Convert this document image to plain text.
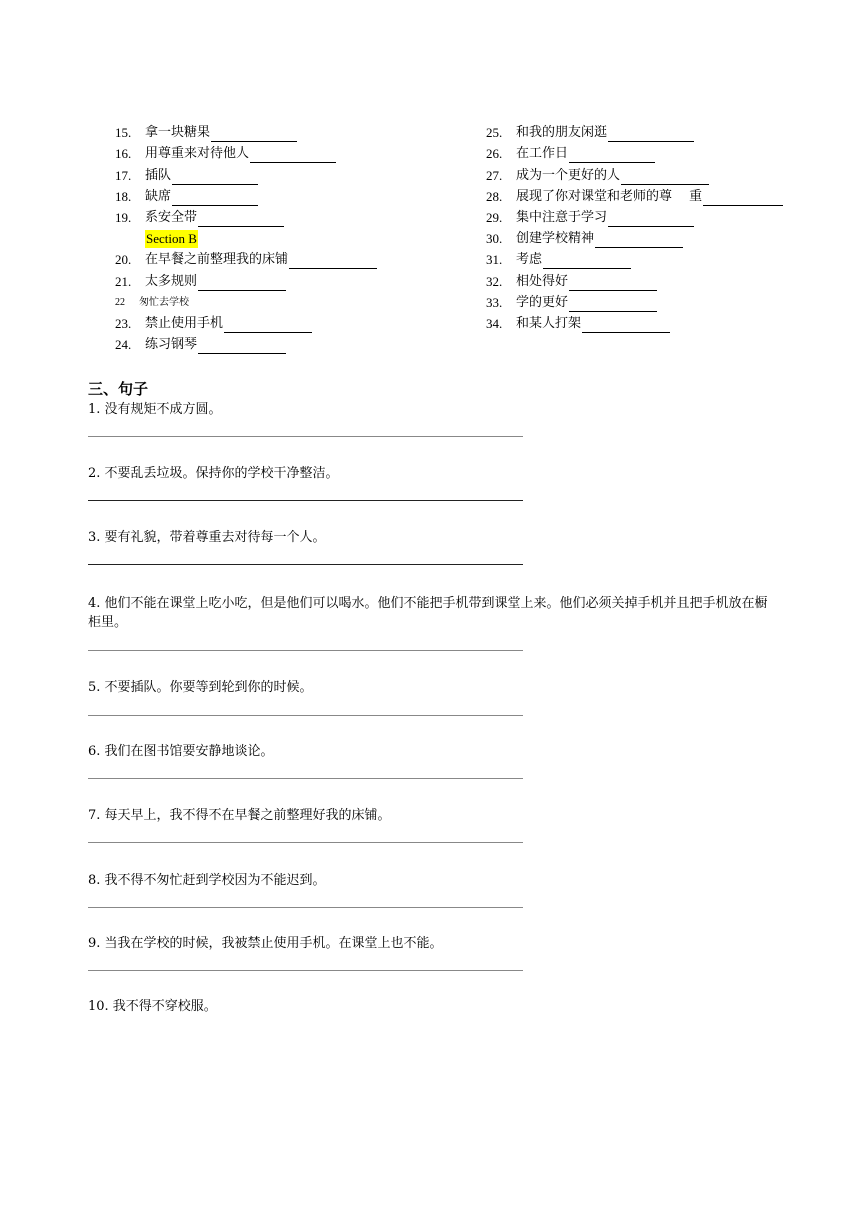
15.	拿一块糖果
16.	用尊重来对待他人
17.	插队
18.	缺席
19.	系安全带
Section B
20.	在早餐之前整理我的床铺
21.	太多规则
22	匆忙去学校
23.	禁止使用手机
24.	练习钢琴
25.	和我的朋友闲逛
26.	在工作日
27.	成为一个更好的人
28.	展现了你对课堂和老师的尊 　重
29.	集中注意于学习
30.	创建学校精神
31.	考虑
32.	相处得好
33.	学的更好
34.	和某人打架
三、句子
1. 没有规矩不成方圆。
2. 不要乱丢垃圾。保持你的学校干净整洁。
3. 要有礼貌，带着尊重去对待每一个人。
4. 他们不能在课堂上吃小吃，但是他们可以喝水。他们不能把手机带到课堂上来。他们必须关掉手机并且把手机放在橱柜里。
5. 不要插队。你要等到轮到你的时候。
6. 我们在图书馆要安静地谈论。
7. 每天早上，我不得不在早餐之前整理好我的床铺。
8. 我不得不匆忙赶到学校因为不能迟到。
9. 当我在学校的时候，我被禁止使用手机。在课堂上也不能。
10. 我不得不穿校服。
